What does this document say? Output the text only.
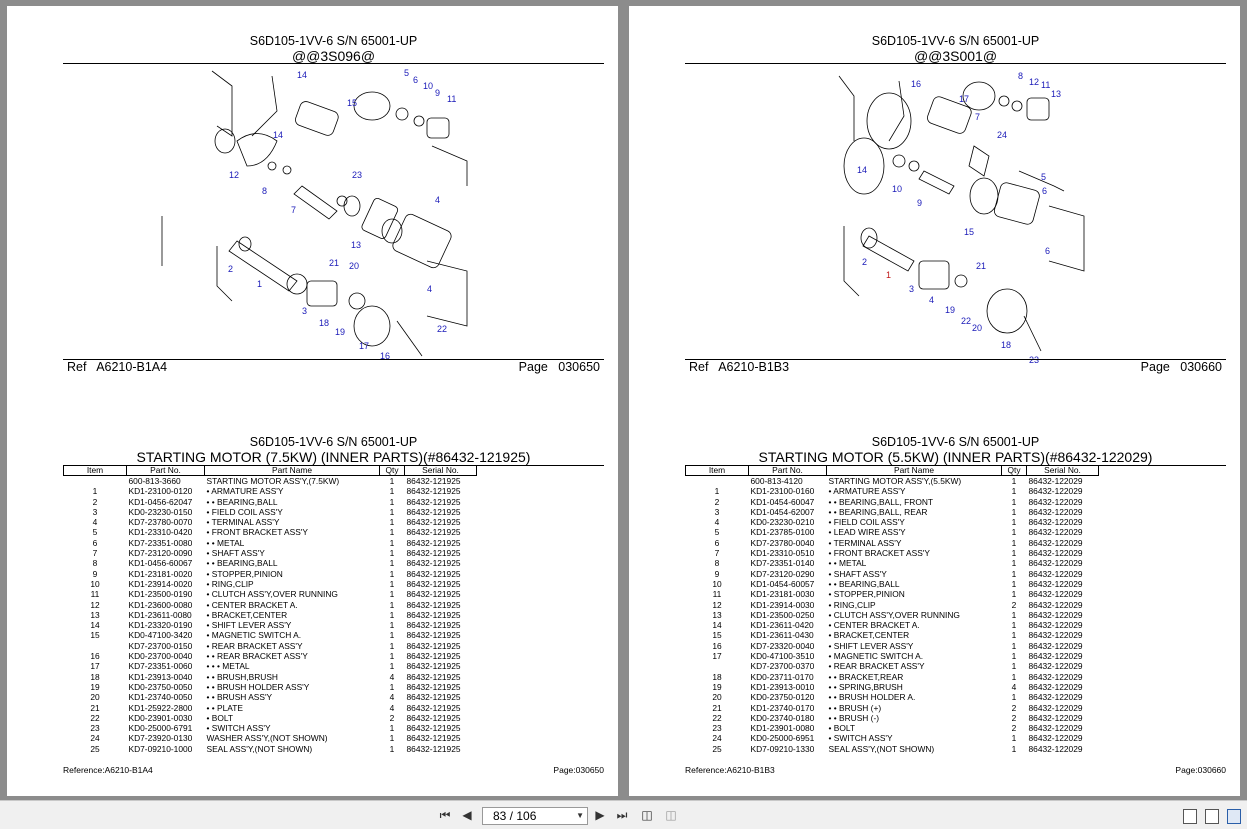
S6D105-1VV-6 S/N 65001-UP
@@3S096@
14	5
6
10
9
11
15
14
12	23
8
7
4
13
21 20
2
1	4
3
18
19	22
17
16
Ref A6210-B1A4	Page 030650
S6D105-1VV-6 S/N 65001-UP
STARTING MOTOR (7.5KW) (INNER PARTS)(#86432-121925)
Item	Part No.	Part Name	Qty	Serial No.
	600-813-3660	STARTING MOTOR ASS'Y,(7.5KW)	1	86432-121925
1	KD1-23100-0120	• ARMATURE ASS'Y	1	86432-121925
2	KD1-0456-62047	• • BEARING,BALL	1	86432-121925
3	KD0-23230-0150	• FIELD COIL ASS'Y	1	86432-121925
4	KD7-23780-0070	• TERMINAL ASS'Y	1	86432-121925
5	KD1-23310-0420	• FRONT BRACKET ASS'Y	1	86432-121925
6	KD7-23351-0080	• • METAL	1	86432-121925
7	KD7-23120-0090	• SHAFT ASS'Y	1	86432-121925
8	KD1-0456-60067	• • BEARING,BALL	1	86432-121925
9	KD1-23181-0020	• STOPPER,PINION	1	86432-121925
10	KD1-23914-0020	• RING,CLIP	1	86432-121925
11	KD1-23500-0190	• CLUTCH ASS'Y,OVER RUNNING	1	86432-121925
12	KD1-23600-0080	• CENTER BRACKET A.	1	86432-121925
13	KD1-23611-0080	• BRACKET,CENTER	1	86432-121925
14	KD1-23320-0190	• SHIFT LEVER ASS'Y	1	86432-121925
15	KD0-47100-3420	• MAGNETIC SWITCH A.	1	86432-121925
	KD7-23700-0150	• REAR BRACKET ASS'Y	1	86432-121925
16	KD0-23700-0040	• • REAR BRACKET ASS'Y	1	86432-121925
17	KD7-23351-0060	• • • METAL	1	86432-121925
18	KD1-23913-0040	• • BRUSH,BRUSH	4	86432-121925
19	KD0-23750-0050	• • BRUSH HOLDER ASS'Y	1	86432-121925
20	KD1-23740-0050	• • BRUSH ASS'Y	4	86432-121925
21	KD1-25922-2800	• • PLATE	4	86432-121925
22	KD0-23901-0030	• BOLT	2	86432-121925
23	KD0-25000-6791	• SWITCH ASS'Y	1	86432-121925
24	KD7-23920-0130	WASHER ASS'Y,(NOT SHOWN)	1	86432-121925
25	KD7-09210-1000	SEAL ASS'Y,(NOT SHOWN)	1	86432-121925
Reference:A6210-B1A4	Page:030650
S6D105-1VV-6 S/N 65001-UP
@@3S001@
8
12 11
13
16
17
7
24
14
10
9
5
6
15
6
2	21
3
4
19
22
20
18
23
1
Ref A6210-B1B3	Page 030660
S6D105-1VV-6 S/N 65001-UP
STARTING MOTOR (5.5KW) (INNER PARTS)(#86432-122029)
Item	Part No.	Part Name	Qty	Serial No.
	600-813-4120	STARTING MOTOR ASS'Y,(5.5KW)	1	86432-122029
1	KD1-23100-0160	• ARMATURE ASS'Y	1	86432-122029
2	KD1-0454-60047	• • BEARING,BALL, FRONT	1	86432-122029
3	KD1-0454-62007	• • BEARING,BALL, REAR	1	86432-122029
4	KD0-23230-0210	• FIELD COIL ASS'Y	1	86432-122029
5	KD1-23785-0100	• LEAD WIRE ASS'Y	1	86432-122029
6	KD7-23780-0040	• TERMINAL ASS'Y	1	86432-122029
7	KD1-23310-0510	• FRONT BRACKET ASS'Y	1	86432-122029
8	KD7-23351-0140	• • METAL	1	86432-122029
9	KD7-23120-0290	• SHAFT ASS'Y	1	86432-122029
10	KD1-0454-60057	• • BEARING,BALL	1	86432-122029
11	KD1-23181-0030	• STOPPER,PINION	1	86432-122029
12	KD1-23914-0030	• RING,CLIP	2	86432-122029
13	KD1-23500-0250	• CLUTCH ASS'Y,OVER RUNNING	1	86432-122029
14	KD1-23611-0420	• CENTER BRACKET A.	1	86432-122029
15	KD1-23611-0430	• BRACKET,CENTER	1	86432-122029
16	KD7-23320-0040	• SHIFT LEVER ASS'Y	1	86432-122029
17	KD0-47100-3510	• MAGNETIC SWITCH A.	1	86432-122029
	KD7-23700-0370	• REAR BRACKET ASS'Y	1	86432-122029
18	KD0-23711-0170	• • BRACKET,REAR	1	86432-122029
19	KD1-23913-0010	• • SPRING,BRUSH	4	86432-122029
20	KD0-23750-0120	• • BRUSH HOLDER A.	1	86432-122029
21	KD1-23740-0170	• • BRUSH (+)	2	86432-122029
22	KD0-23740-0180	• • BRUSH (-)	2	86432-122029
23	KD1-23901-0080	• BOLT	2	86432-122029
24	KD0-25000-6951	• SWITCH ASS'Y	1	86432-122029
25	KD7-09210-1330	SEAL ASS'Y,(NOT SHOWN)	1	86432-122029
Reference:A6210-B1B3	Page:030660
⏮ ◀ 83 / 106	▼ ▶ ⏭ ◫ ◫
